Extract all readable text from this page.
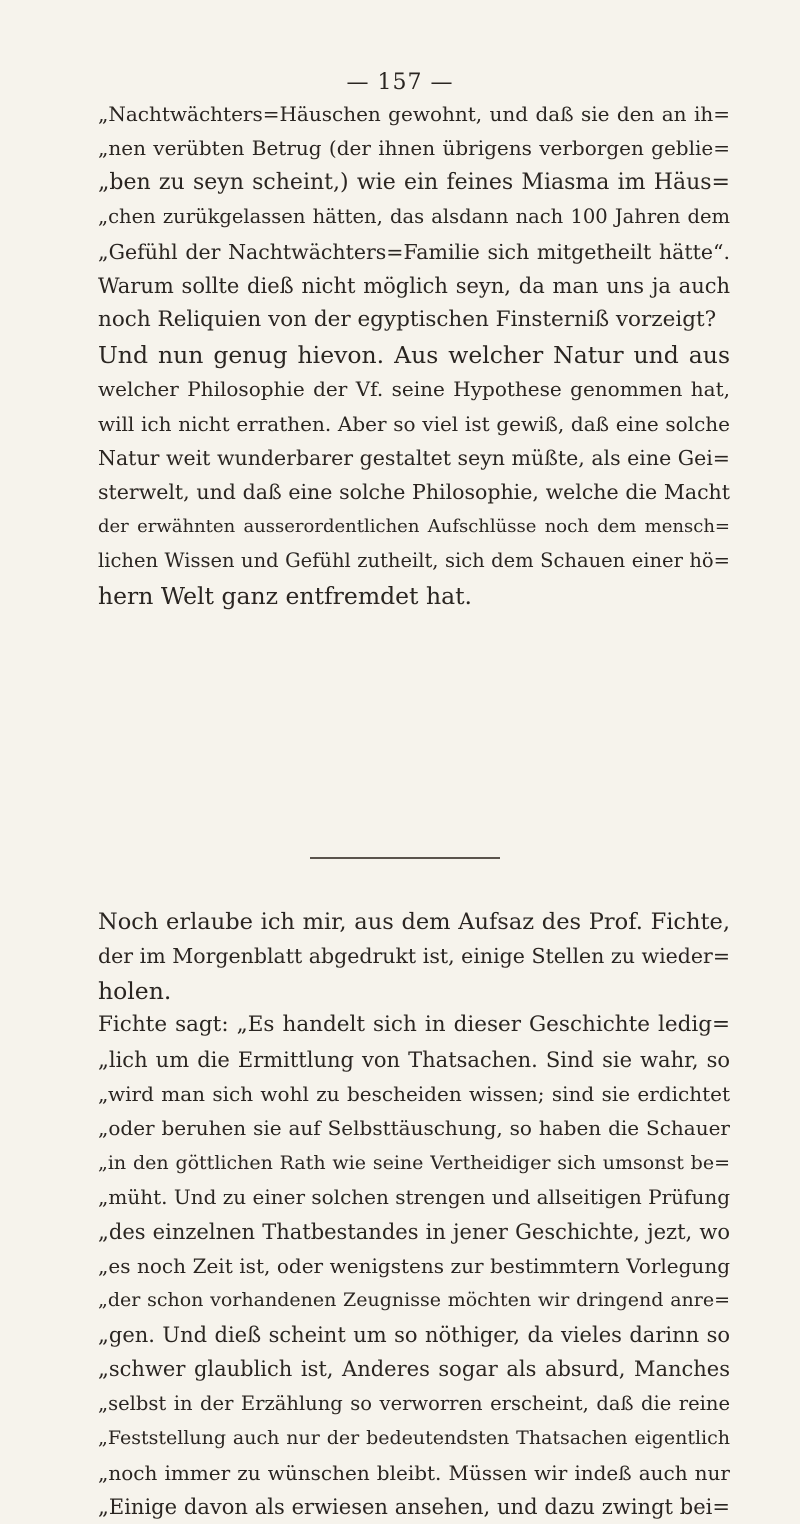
— 157 —
„Nachtwächters=Häuschen gewohnt, und daß sie den an ih=
„nen verübten Betrug (der ihnen übrigens verborgen geblie=
„ben zu seyn scheint,) wie ein feines Miasma im Häus=
„chen zurükgelassen hätten, das alsdann nach 100 Jahren dem
„Gefühl der Nachtwächters=Familie sich mitgetheilt hätte“.
Warum sollte dieß nicht möglich seyn, da man uns ja auch
noch Reliquien von der egyptischen Finsterniß vorzeigt?
Und nun genug hievon. Aus welcher Natur und aus
welcher Philosophie der Vf. seine Hypothese genommen hat,
will ich nicht errathen. Aber so viel ist gewiß, daß eine solche
Natur weit wunderbarer gestaltet seyn müßte, als eine Gei=
sterwelt, und daß eine solche Philosophie, welche die Macht
der erwähnten ausserordentlichen Aufschlüsse noch dem mensch=
lichen Wissen und Gefühl zutheilt, sich dem Schauen einer hö=
hern Welt ganz entfremdet hat.
Noch erlaube ich mir, aus dem Aufsaz des Prof. Fichte,
der im Morgenblatt abgedrukt ist, einige Stellen zu wieder=
holen.
Fichte sagt: „Es handelt sich in dieser Geschichte ledig=
„lich um die Ermittlung von Thatsachen. Sind sie wahr, so
„wird man sich wohl zu bescheiden wissen; sind sie erdichtet
„oder beruhen sie auf Selbsttäuschung, so haben die Schauer
„in den göttlichen Rath wie seine Vertheidiger sich umsonst be=
„müht. Und zu einer solchen strengen und allseitigen Prüfung
„des einzelnen Thatbestandes in jener Geschichte, jezt, wo
„es noch Zeit ist, oder wenigstens zur bestimmtern Vorlegung
„der schon vorhandenen Zeugnisse möchten wir dringend anre=
„gen. Und dieß scheint um so nöthiger, da vieles darinn so
„schwer glaublich ist, Anderes sogar als absurd, Manches
„selbst in der Erzählung so verworren erscheint, daß die reine
„Feststellung auch nur der bedeutendsten Thatsachen eigentlich
„noch immer zu wünschen bleibt. Müssen wir indeß auch nur
„Einige davon als erwiesen ansehen, und dazu zwingt bei=
